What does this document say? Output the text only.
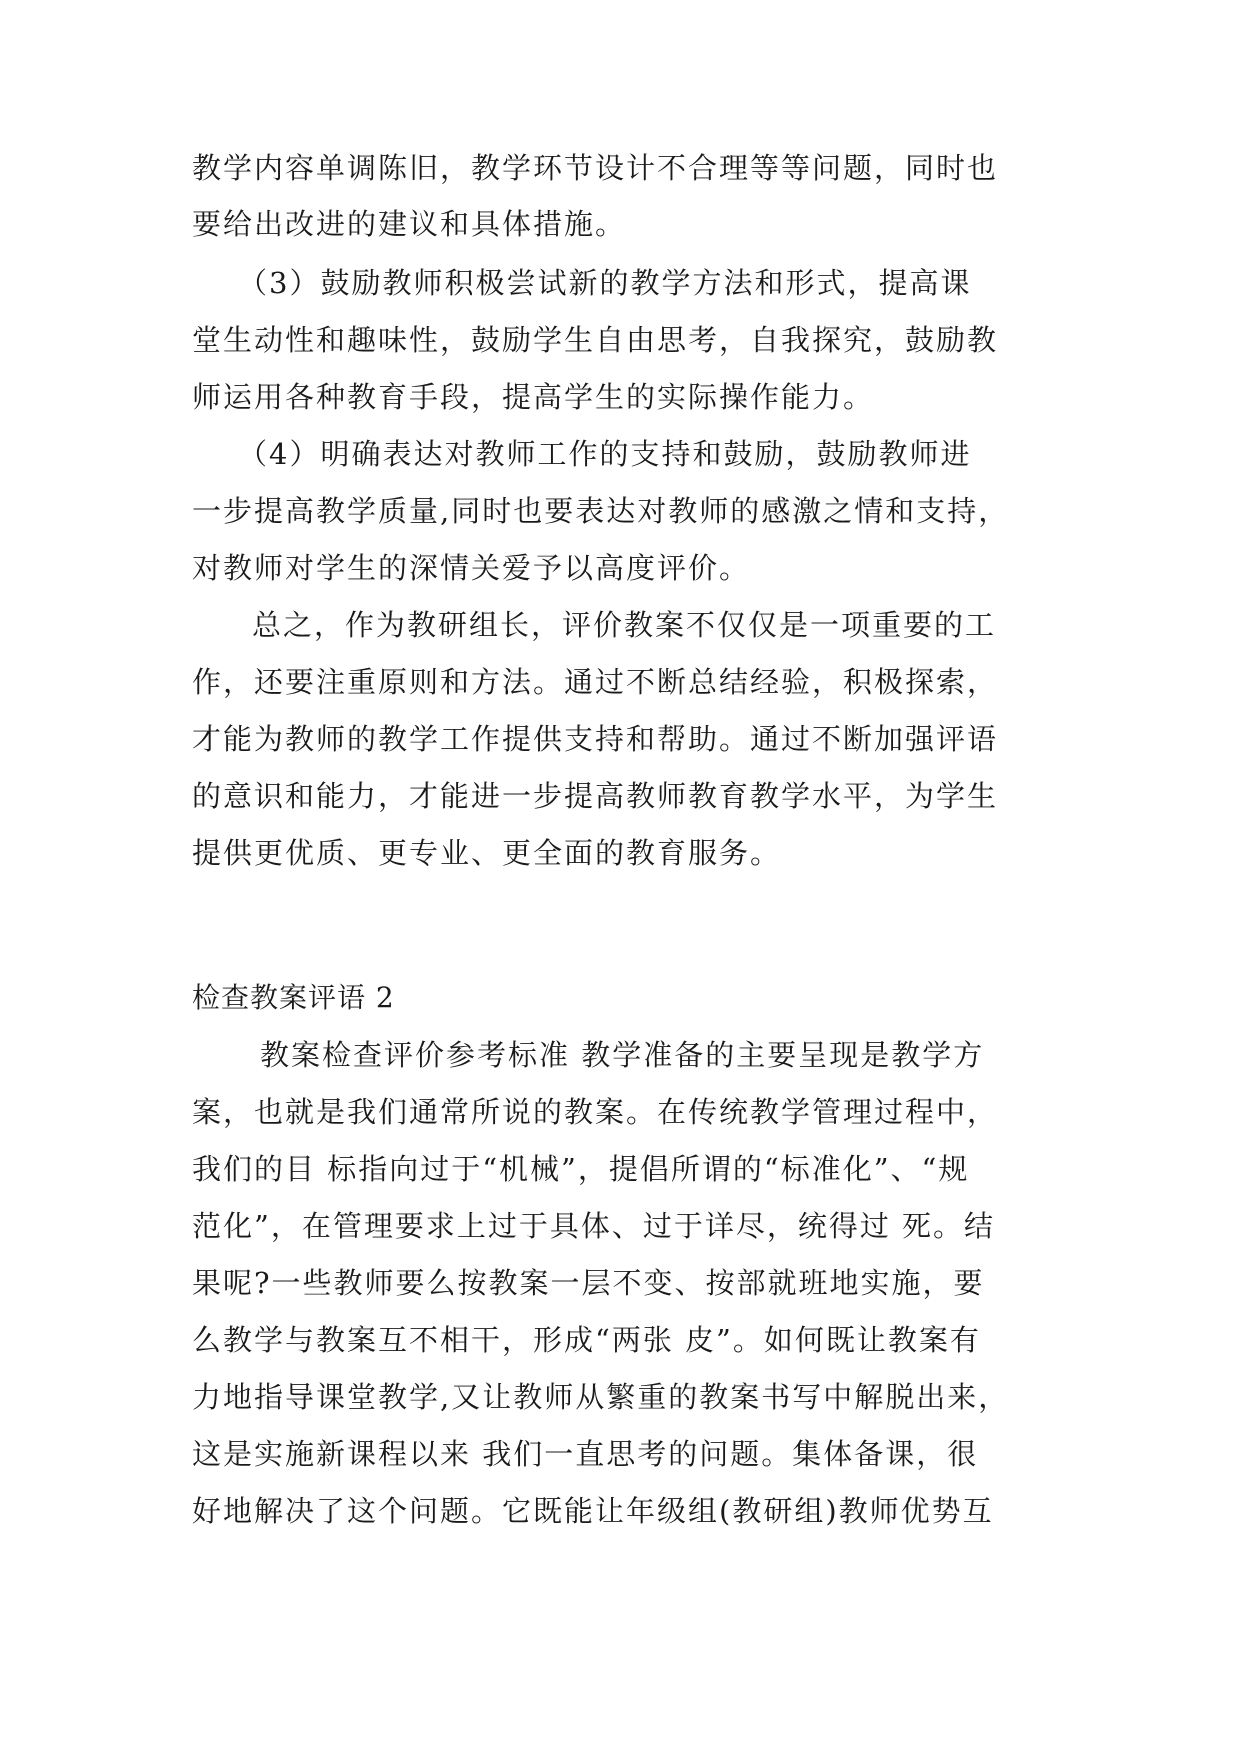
教学内容单调陈旧，教学环节设计不合理等等问题，同时也
要给出改进的建议和具体措施。
（3）鼓励教师积极尝试新的教学方法和形式，提高课
堂生动性和趣味性，鼓励学生自由思考，自我探究，鼓励教
师运用各种教育手段，提高学生的实际操作能力。
（4）明确表达对教师工作的支持和鼓励，鼓励教师进
一步提高教学质量,同时也要表达对教师的感激之情和支持，
对教师对学生的深情关爱予以高度评价。
总之，作为教研组长，评价教案不仅仅是一项重要的工
作，还要注重原则和方法。通过不断总结经验，积极探索，
才能为教师的教学工作提供支持和帮助。通过不断加强评语
的意识和能力，才能进一步提高教师教育教学水平，为学生
提供更优质、更专业、更全面的教育服务。
检查教案评语 2
教案检查评价参考标准 教学准备的主要呈现是教学方
案，也就是我们通常所说的教案。在传统教学管理过程中，
我们的目 标指向过于“机械”，提倡所谓的“标准化”、“规
范化”，在管理要求上过于具体、过于详尽，统得过 死。结
果呢?一些教师要么按教案一层不变、按部就班地实施，要
么教学与教案互不相干，形成“两张 皮”。如何既让教案有
力地指导课堂教学,又让教师从繁重的教案书写中解脱出来，
这是实施新课程以来 我们一直思考的问题。集体备课，很
好地解决了这个问题。它既能让年级组(教研组)教师优势互
